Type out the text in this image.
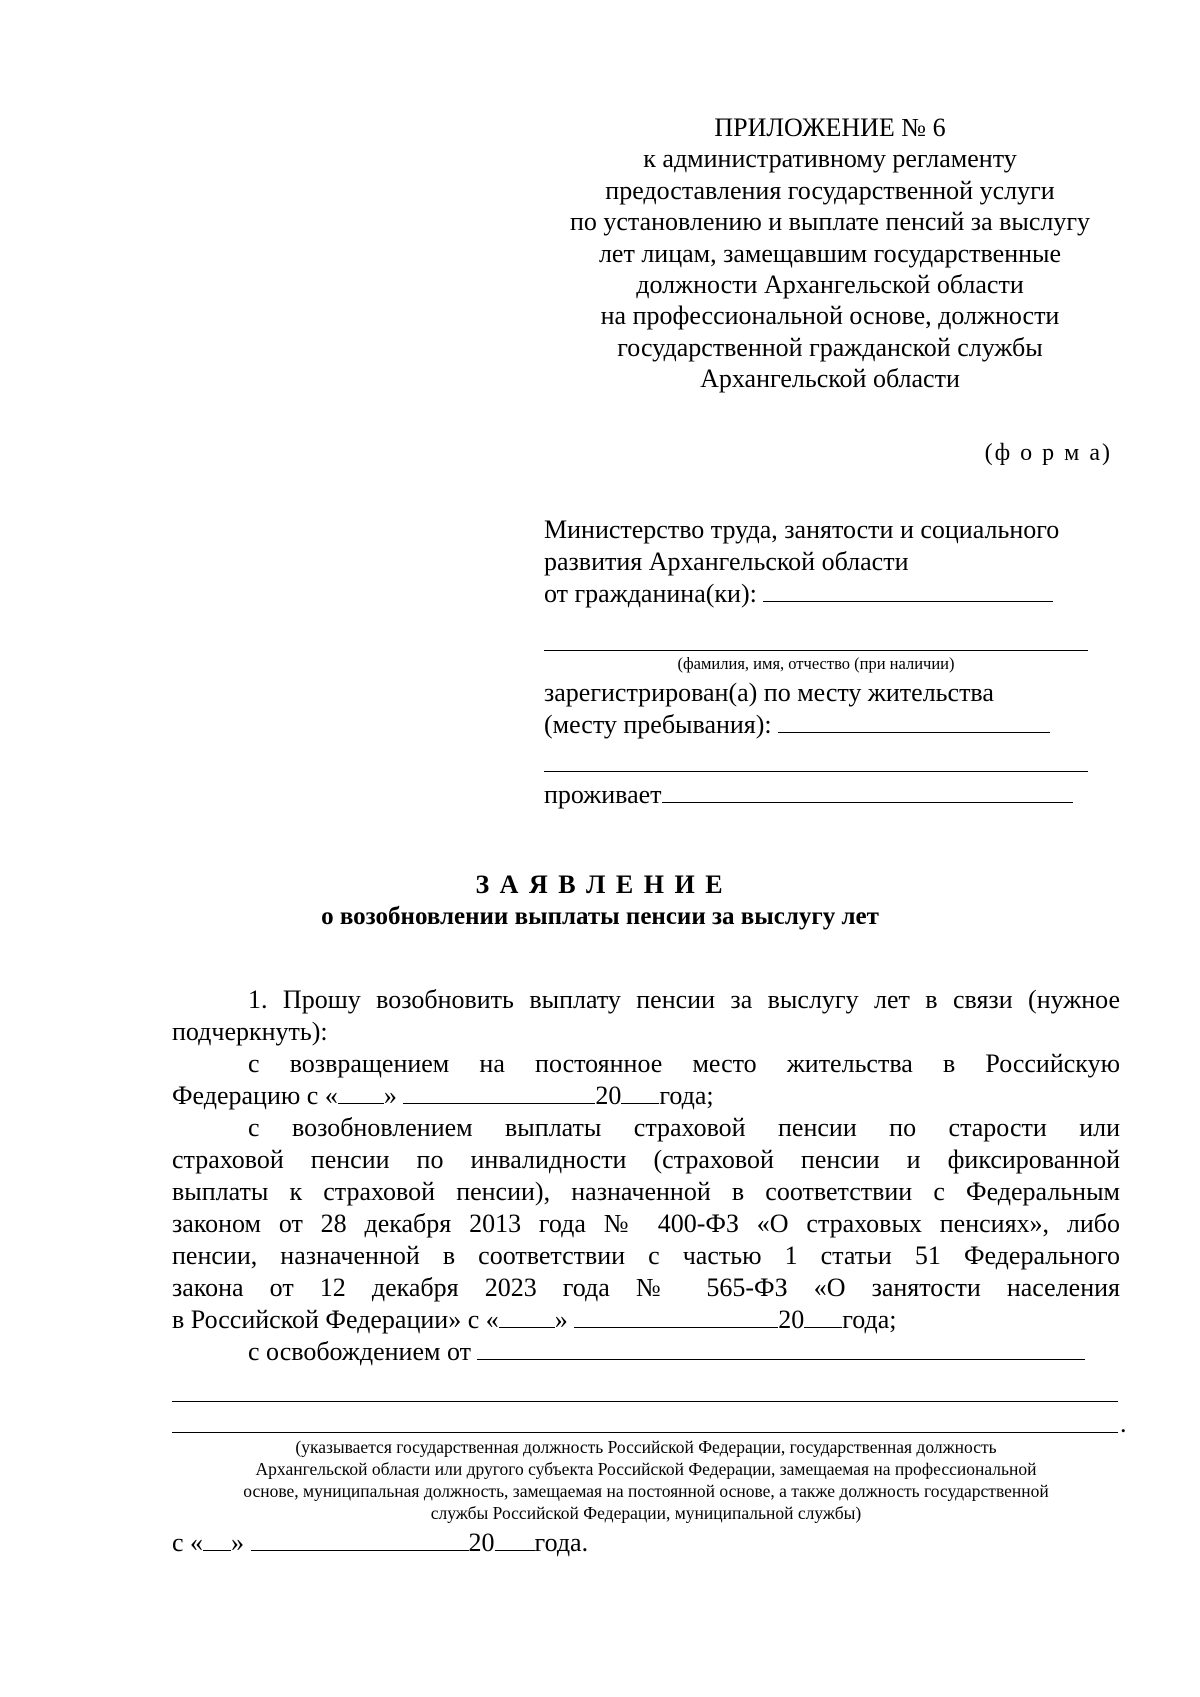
ПРИЛОЖЕНИЕ № 6
к административному регламенту
предоставления государственной услуги
по установлению и выплате пенсий за выслугу
лет лицам, замещавшим государственные
должности Архангельской области
на профессиональной основе, должности
государственной гражданской службы
Архангельской области
(ф о р м а)
Министерство труда, занятости и социального
развития Архангельской области
от гражданина(ки):
(фамилия, имя, отчество (при наличии)
зарегистрирован(а) по месту жительства
(месту пребывания):
проживает
З А Я В Л Е Н И Е
о возобновлении выплаты пенсии за выслугу лет
1. Прошу возобновить выплату пенсии за выслугу лет в связи (нужное
подчеркнуть):
с возвращением на постоянное место жительства в Российскую
Федерацию с « »	20 года;
с возобновлением выплаты страховой пенсии по старости или
страховой пенсии по инвалидности (страховой пенсии и фиксированной
выплаты к страховой пенсии), назначенной в соответствии с Федеральным
законом от 28 декабря 2013 года № 400-ФЗ «О страховых пенсиях», либо
пенсии, назначенной в соответствии с частью 1 статьи 51 Федерального
закона от 12 декабря 2023 года № 565-ФЗ «О занятости населения
в Российской Федерации» с « »	20 года;
с освобождением от
.
(указывается государственная должность Российской Федерации, государственная должность
Архангельской области или другого субъекта Российской Федерации, замещаемая на профессиональной
основе, муниципальная должность, замещаемая на постоянной основе, а также должность государственной
службы Российской Федерации, муниципальной службы)
с « »	20 года.
